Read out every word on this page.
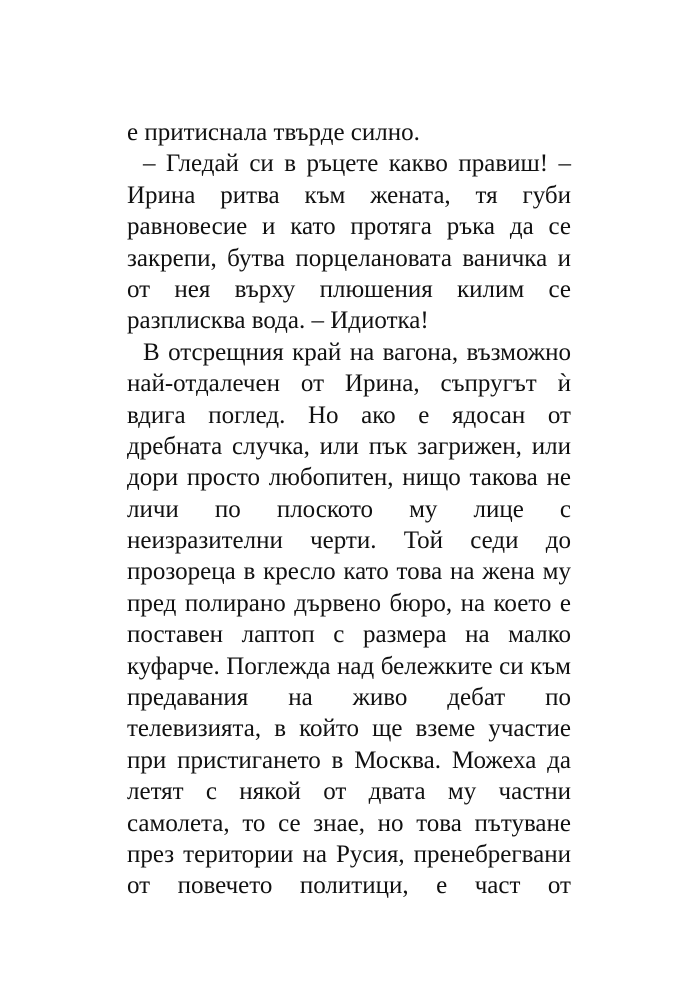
е притиснала твърде силно.
– Гледай си в ръцете какво правиш! –
Ирина ритва към жената, тя губи
равновесие и като протяга ръка да се
закрепи, бутва порцелановата ваничка и
от нея върху плюшения килим се
разплисква вода. – Идиотка!
В отсрещния край на вагона, възможно
най-отдалечен от Ирина, съпругът ѝ
вдига поглед. Но ако е ядосан от
дребната случка, или пък загрижен, или
дори просто любопитен, нищо такова не
личи по плоското му лице с
неизразителни черти. Той седи до
прозореца в кресло като това на жена му
пред полирано дървено бюро, на което е
поставен лаптоп с размера на малко
куфарче. Поглежда над бележките си към
предавания на живо дебат по
телевизията, в който ще вземе участие
при пристигането в Москва. Можеха да
летят с някой от двата му частни
самолета, то се знае, но това пътуване
през територии на Русия, пренебрегвани
от повечето политици, е част от
